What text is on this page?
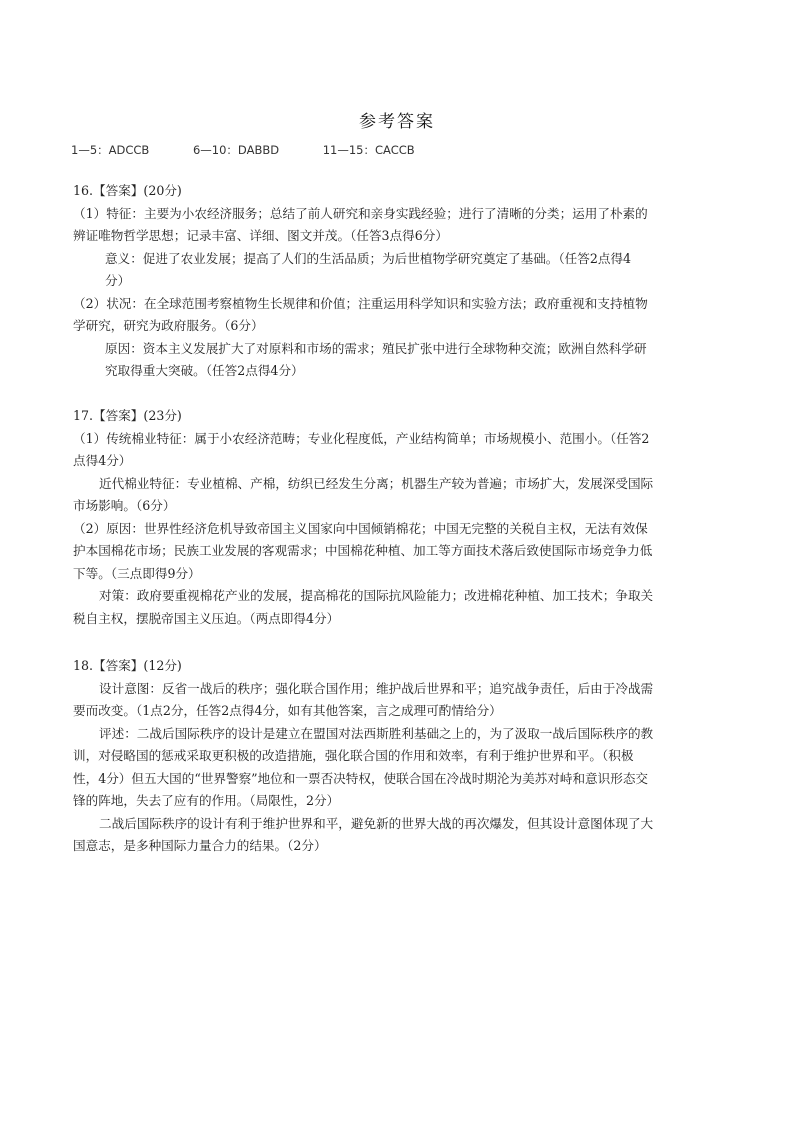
参考答案
1—5：ADCCB	6—10：DABBD	11—15：CACCB
16.【答案】(20分)
（1）特征：主要为小农经济服务；总结了前人研究和亲身实践经验；进行了清晰的分类；运用了朴素的
辨证唯物哲学思想；记录丰富、详细、图文并茂。（任答3点得6分）
意义：促进了农业发展；提高了人们的生活品质；为后世植物学研究奠定了基础。（任答2点得4
分）
（2）状况：在全球范围考察植物生长规律和价值；注重运用科学知识和实验方法；政府重视和支持植物
学研究，研究为政府服务。（6分）
原因：资本主义发展扩大了对原料和市场的需求；殖民扩张中进行全球物种交流；欧洲自然科学研
究取得重大突破。（任答2点得4分）
17.【答案】(23分)
（1）传统棉业特征：属于小农经济范畴；专业化程度低，产业结构简单；市场规模小、范围小。（任答2
点得4分）
近代棉业特征：专业植棉、产棉，纺织已经发生分离；机器生产较为普遍；市场扩大，发展深受国际
市场影响。（6分）
（2）原因：世界性经济危机导致帝国主义国家向中国倾销棉花；中国无完整的关税自主权，无法有效保
护本国棉花市场；民族工业发展的客观需求；中国棉花种植、加工等方面技术落后致使国际市场竞争力低
下等。（三点即得9分）
对策：政府要重视棉花产业的发展，提高棉花的国际抗风险能力；改进棉花种植、加工技术；争取关
税自主权，摆脱帝国主义压迫。（两点即得4分）
18.【答案】(12分)
设计意图：反省一战后的秩序；强化联合国作用；维护战后世界和平；追究战争责任，后由于冷战需
要而改变。（1点2分，任答2点得4分，如有其他答案，言之成理可酌情给分）
评述：二战后国际秩序的设计是建立在盟国对法西斯胜利基础之上的，为了汲取一战后国际秩序的教
训，对侵略国的惩戒采取更积极的改造措施，强化联合国的作用和效率，有利于维护世界和平。（积极
性，4分）但五大国的“世界警察”地位和一票否决特权，使联合国在冷战时期沦为美苏对峙和意识形态交
锋的阵地，失去了应有的作用。（局限性，2分）
二战后国际秩序的设计有利于维护世界和平，避免新的世界大战的再次爆发，但其设计意图体现了大
国意志，是多种国际力量合力的结果。（2分）
